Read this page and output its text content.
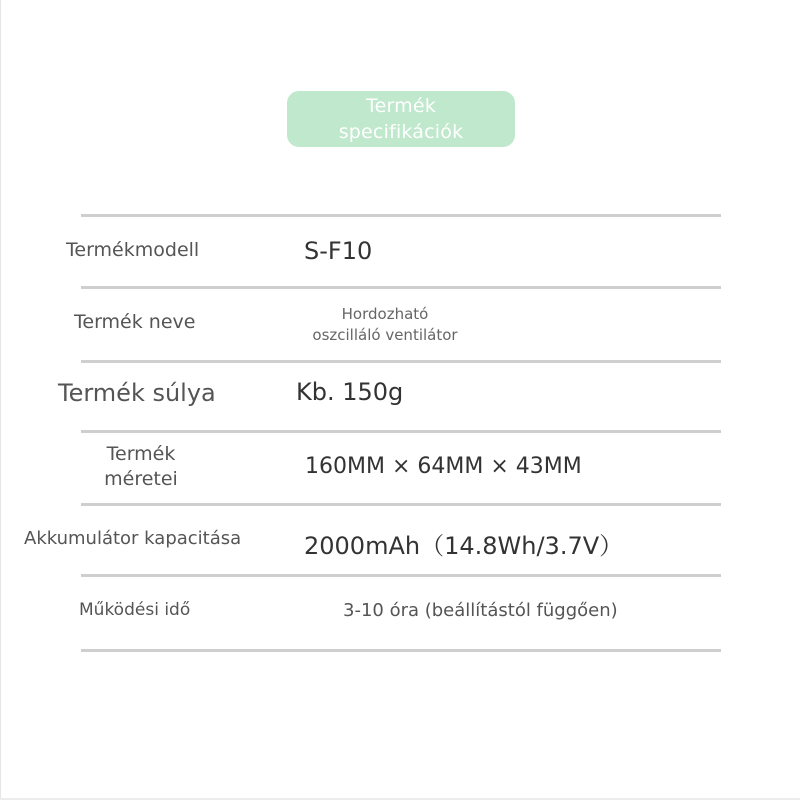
Termék
specifikációk
Termékmodell	S-F10
Termék neve	Hordozható
oszcilláló ventilátor
Termék súlya	Kb. 150g
Termék
méretei	160MM × 64MM × 43MM
Akkumulátor kapacitása	2000mAh（14.8Wh/3.7V）
Működési idő	3-10 óra (beállítástól függően)
